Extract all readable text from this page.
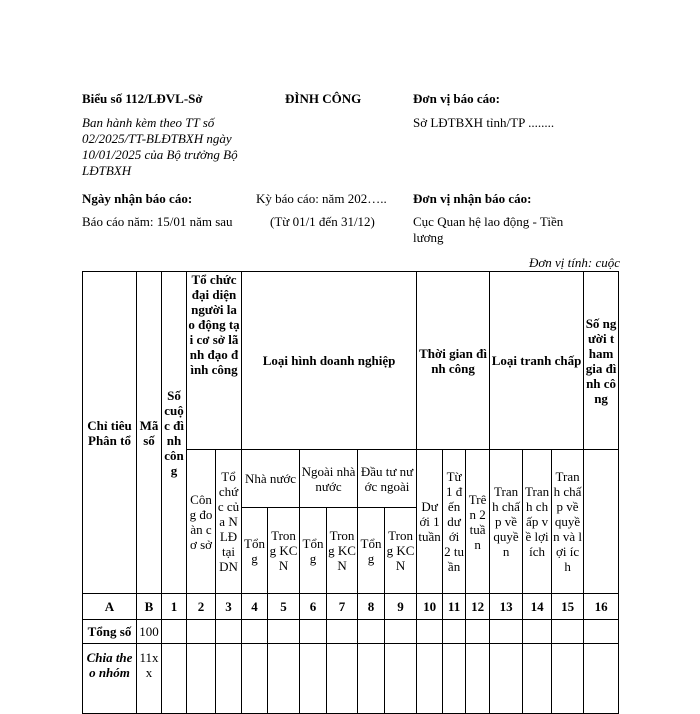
Biểu số 112/LĐVL-Sở
Ban hành kèm theo TT số 02/2025/TT-BLĐTBXH ngày 10/01/2025 của Bộ trưởng Bộ LĐTBXH
ĐÌNH CÔNG	Đơn vị báo cáo:
Sở LĐTBXH tỉnh/TP ........
Ngày nhận báo cáo:
Báo cáo năm: 15/01 năm sau
Kỳ báo cáo: năm 202…..
(Từ 01/1 đến 31/12)
Đơn vị nhận báo cáo:
Cục Quan hệ lao động - Tiền lương
Đơn vị tính: cuộc
Chỉ tiêu Phân tổ	Mã số	Số cuộc đình công	Tổ chức đại diện người lao động tại cơ sở lãnh đạo đình công		Loại hình doanh nghiệp						Thời gian đình công			Loại tranh chấp			Số người tham gia đình công
			Công đoàn cơ sở	Tổ chức của NLĐ tại DN	Nhà nước		Ngoài nhà nước		Đầu tư nước ngoài		Dưới 1 tuần	Từ 1 đến dưới 2 tuần	Trên 2 tuần	Tranh chấp về quyền	Tranh chấp về lợi ích	Tranh chấp về quyền và lợi ích	
					Tổng	Trong KCN	Tổng	Trong KCN	Tổng	Trong KCN							
A	B	1	2	3	4	5	6	7	8	9	10	11	12	13	14	15	16
Tổng số	100																
Chia theo nhóm	11xx																
